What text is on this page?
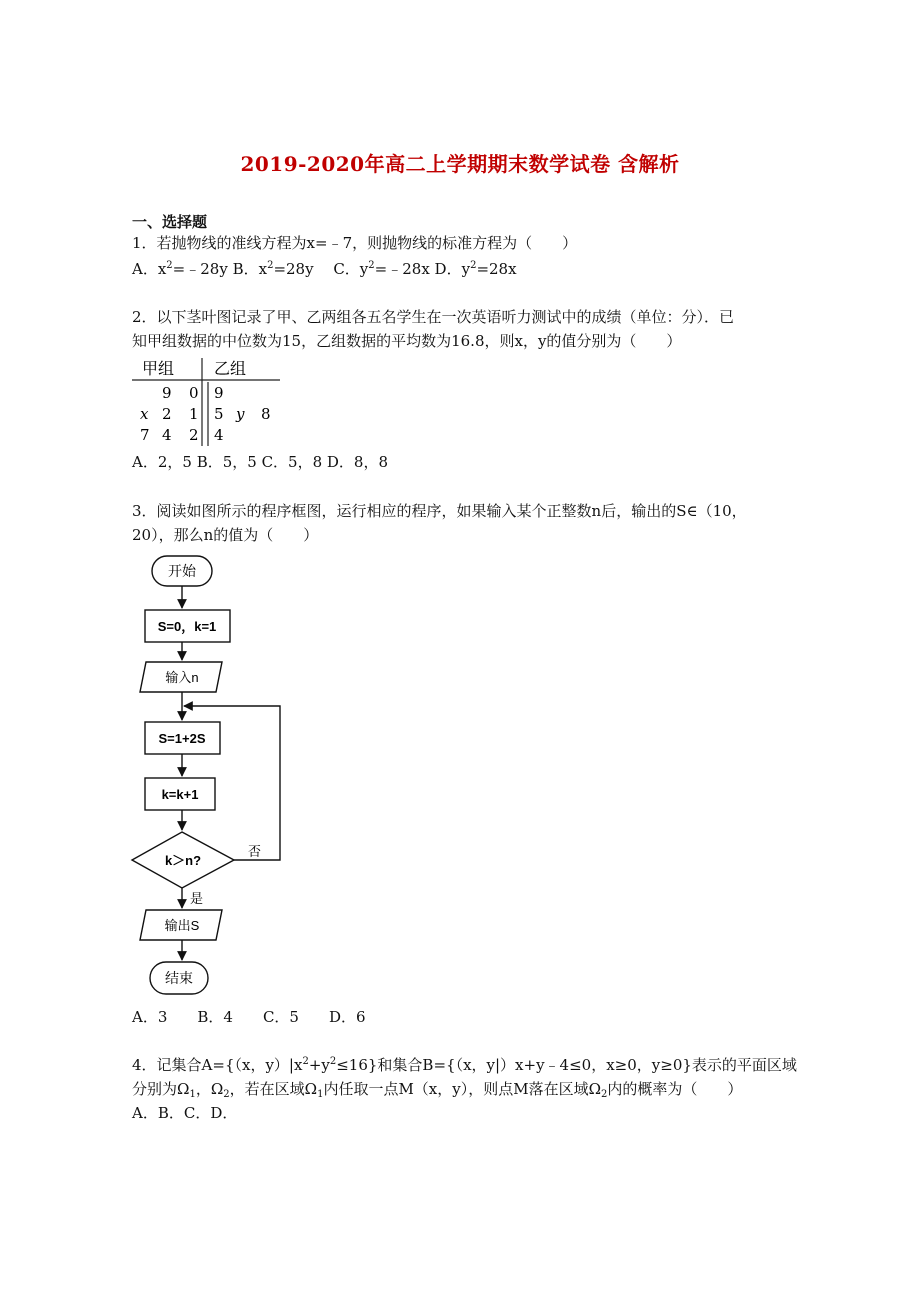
2019-2020年高二上学期期末数学试卷 含解析
一、选择题
1．若抛物线的准线方程为x=﹣7，则抛物线的标准方程为（　　）
A．$x^2=﹣28y$ B．$x^2=28y$　 C．$y^2=﹣28x$ D．$y^2=28x$
2．以下茎叶图记录了甲、乙两组各五名学生在一次英语听力测试中的成绩（单位：分）．已
知甲组数据的中位数为15，乙组数据的平均数为16.8，则x，y的值分别为（　　）
甲组 乙组
9 0 9
x 2 1 5 y 8
7 4 2 4
A．2，5 B．5，5 C．5，8 D．8，8
3．阅读如图所示的程序框图，运行相应的程序，如果输入某个正整数n后，输出的S∈（10，
20），那么n的值为（　　）
开始
S=0，k=1
输入n
S=1+2S
k=k+1
k＞n?
否
是
输出S
结束
A．3　　B．4　　C．5　　D．6
4．记集合A={（x，$y)|x^2+y^2\le 16$}和集合B={（x，y|）x+y﹣4≤0，x≥0，y≥0}表示的平面区域
分别为$\Omega_1$，$\Omega_2$，若在区域$\Omega_1$内任取一点M（x，y），则点M落在区域$\Omega_2$内的概率为（　　）
A．B．C．D．
